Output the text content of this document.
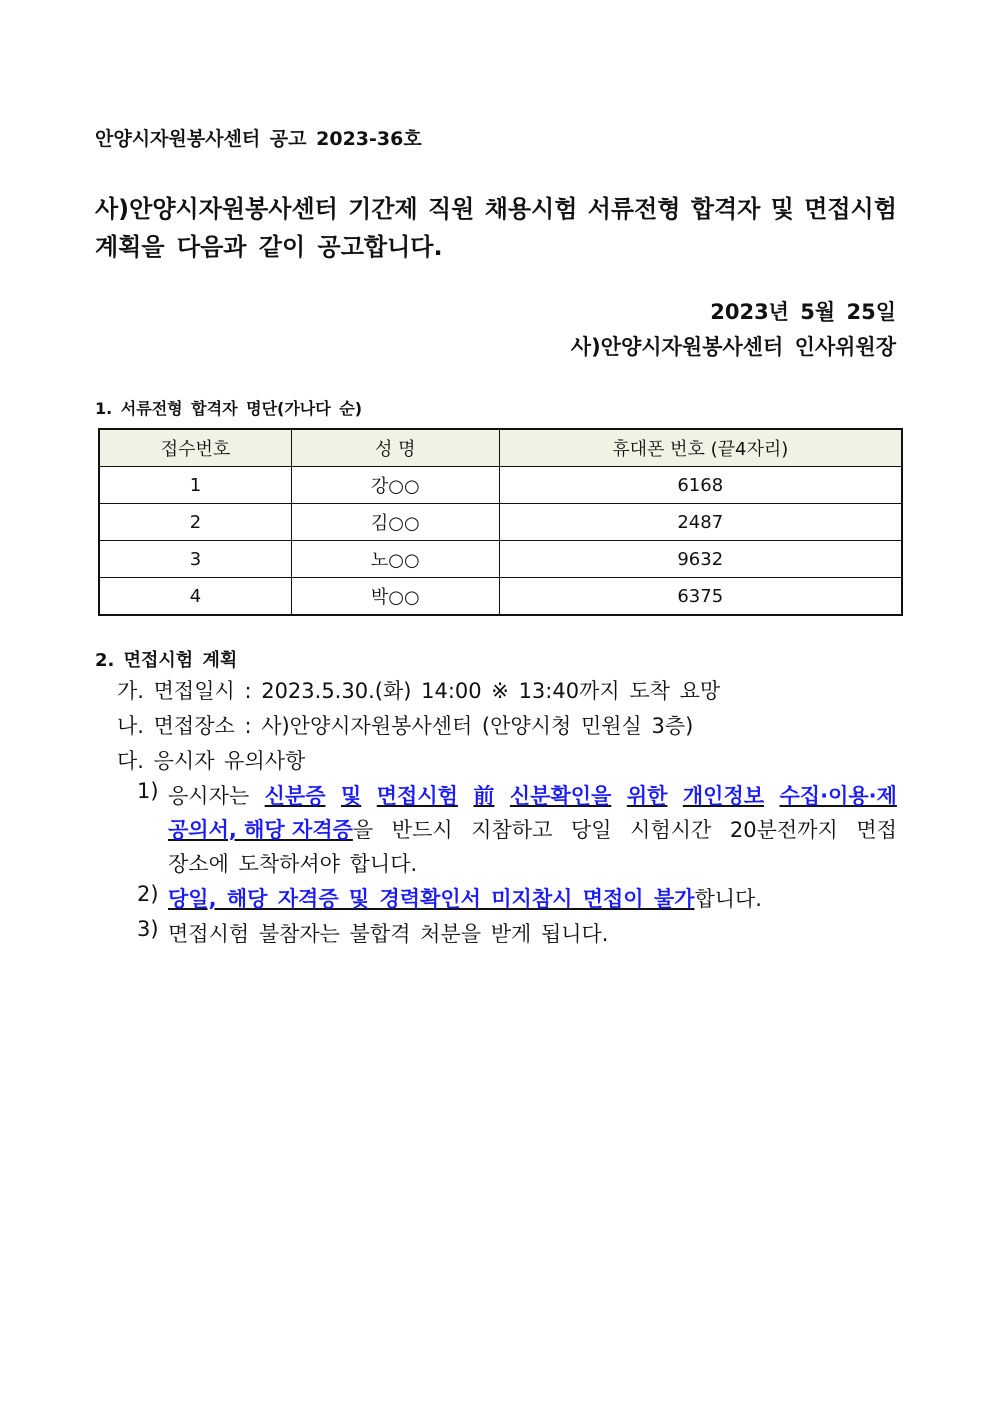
안양시자원봉사센터 공고 2023-36호
사)안양시자원봉사센터 기간제 직원 채용시험 서류전형 합격자 및 면접시험
계획을 다음과 같이 공고합니다.
2023년 5월 25일
사)안양시자원봉사센터 인사위원장
1. 서류전형 합격자 명단(가나다 순)
접수번호	성 명	휴대폰 번호 (끝4자리)
1	강○○	6168
2	김○○	2487
3	노○○	9632
4	박○○	6375
2. 면접시험 계획
가. 면접일시 : 2023.5.30.(화) 14:00 ※ 13:40까지 도착 요망
나. 면접장소 : 사)안양시자원봉사센터 (안양시청 민원실 3층)
다. 응시자 유의사항
1) 응시자는 신분증 및 면접시험 前 신분확인을 위한 개인정보 수집·이용·제
공의서, 해당 자격증을 반드시 지참하고 당일 시험시간 20분전까지 면접
장소에 도착하셔야 합니다.
2) 당일, 해당 자격증 및 경력확인서 미지참시 면접이 불가합니다.
3) 면접시험 불참자는 불합격 처분을 받게 됩니다.
